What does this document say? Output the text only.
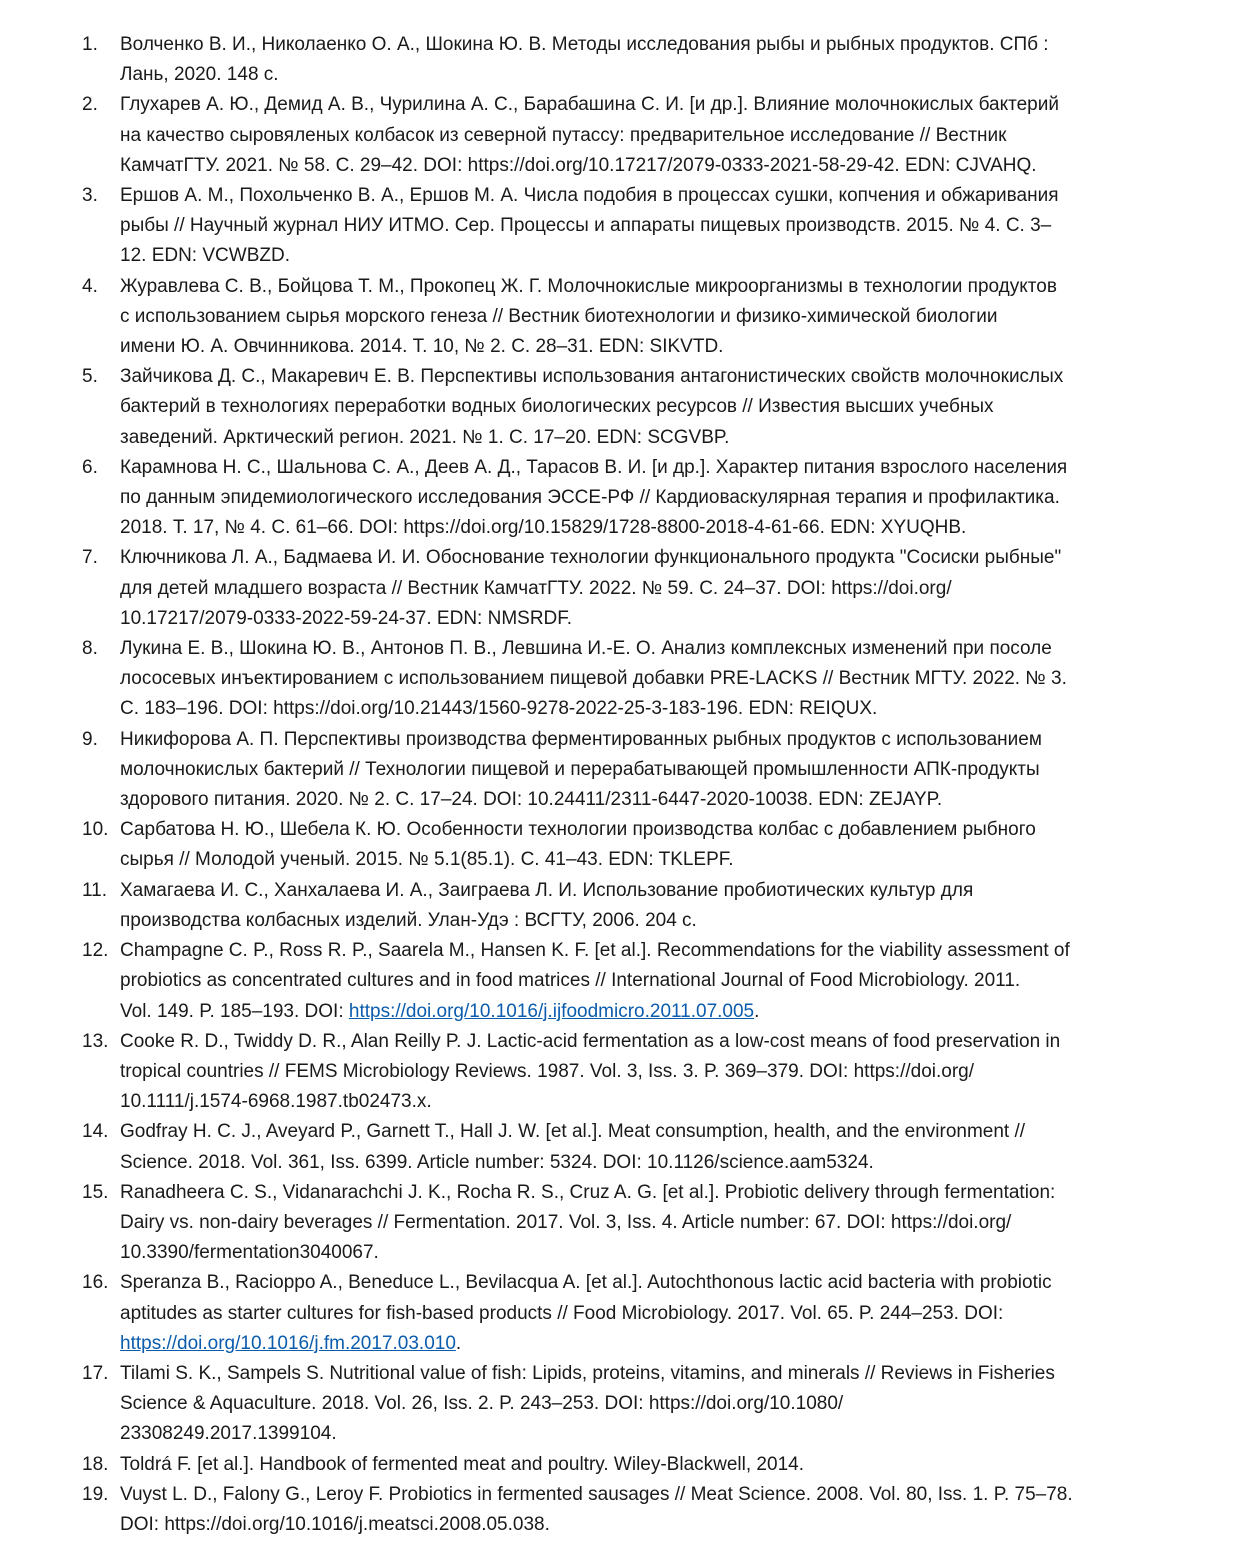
1.	Волченко В. И., Николаенко О. А., Шокина Ю. В. Методы исследования рыбы и рыбных продуктов. СПб :
Лань, 2020. 148 с.
2.	Глухарев А. Ю., Демид А. В., Чурилина А. С., Барабашина С. И. [и др.]. Влияние молочнокислых бактерий
на качество сыровяленых колбасок из северной путассу: предварительное исследование // Вестник
КамчатГТУ. 2021. № 58. С. 29–42. DOI: https://doi.org/10.17217/2079-0333-2021-58-29-42. EDN: CJVAHQ.
3.	Ершов А. М., Похольченко В. А., Ершов М. А. Числа подобия в процессах сушки, копчения и обжаривания
рыбы // Научный журнал НИУ ИТМО. Сер. Процессы и аппараты пищевых производств. 2015. № 4. С. 3–
12. EDN: VCWBZD.
4.	Журавлева С. В., Бойцова Т. М., Прокопец Ж. Г. Молочнокислые микроорганизмы в технологии продуктов
с использованием сырья морского генеза // Вестник биотехнологии и физико-химической биологии
имени Ю. А. Овчинникова. 2014. Т. 10, № 2. С. 28–31. EDN: SIKVTD.
5.	Зайчикова Д. С., Макаревич Е. В. Перспективы использования антагонистических свойств молочнокислых
бактерий в технологиях переработки водных биологических ресурсов // Известия высших учебных
заведений. Арктический регион. 2021. № 1. С. 17–20. EDN: SCGVBP.
6.	Карамнова Н. С., Шальнова С. А., Деев А. Д., Тарасов В. И. [и др.]. Характер питания взрослого населения
по данным эпидемиологического исследования ЭССЕ-РФ // Кардиоваскулярная терапия и профилактика.
2018. Т. 17, № 4. С. 61–66. DOI: https://doi.org/10.15829/1728-8800-2018-4-61-66. EDN: XYUQHB.
7.	Ключникова Л. А., Бадмаева И. И. Обоснование технологии функционального продукта "Сосиски рыбные"
для детей младшего возраста // Вестник КамчатГТУ. 2022. № 59. С. 24–37. DOI: https://doi.org/
10.17217/2079-0333-2022-59-24-37. EDN: NMSRDF.
8.	Лукина Е. В., Шокина Ю. В., Антонов П. В., Левшина И.-Е. О. Анализ комплексных изменений при посоле
лососевых инъектированием с использованием пищевой добавки PRE-LACKS // Вестник МГТУ. 2022. № 3.
С. 183–196. DOI: https://doi.org/10.21443/1560-9278-2022-25-3-183-196. EDN: REIQUX.
9.	Никифорова А. П. Перспективы производства ферментированных рыбных продуктов с использованием
молочнокислых бактерий // Технологии пищевой и перерабатывающей промышленности АПК-продукты
здорового питания. 2020. № 2. С. 17–24. DOI: 10.24411/2311-6447-2020-10038. EDN: ZEJAYP.
10. Сарбатова Н. Ю., Шебела К. Ю. Особенности технологии производства колбас с добавлением рыбного
сырья // Молодой ученый. 2015. № 5.1(85.1). С. 41–43. EDN: TKLEPF.
11. Хамагаева И. С., Ханхалаева И. А., Заиграева Л. И. Использование пробиотических культур для
производства колбасных изделий. Улан-Удэ : ВСГТУ, 2006. 204 с.
12. Champagne C. P., Ross R. P., Saarela M., Hansen K. F. [et al.]. Recommendations for the viability assessment of
probiotics as concentrated cultures and in food matrices // International Journal of Food Microbiology. 2011.
Vol. 149. P. 185–193. DOI: https://doi.org/10.1016/j.ijfoodmicro.2011.07.005.
13. Cooke R. D., Twiddy D. R., Alan Reilly P. J. Lactic-acid fermentation as a low-cost means of food preservation in
tropical countries // FEMS Microbiology Reviews. 1987. Vol. 3, Iss. 3. P. 369–379. DOI: https://doi.org/
10.1111/j.1574-6968.1987.tb02473.x.
14. Godfray H. C. J., Aveyard P., Garnett T., Hall J. W. [et al.]. Meat consumption, health, and the environment //
Science. 2018. Vol. 361, Iss. 6399. Article number: 5324. DOI: 10.1126/science.aam5324.
15. Ranadheera C. S., Vidanarachchi J. K., Rocha R. S., Cruz A. G. [et al.]. Probiotic delivery through fermentation:
Dairy vs. non-dairy beverages // Fermentation. 2017. Vol. 3, Iss. 4. Article number: 67. DOI: https://doi.org/
10.3390/fermentation3040067.
16. Speranza B., Racioppo A., Beneduce L., Bevilacqua A. [et al.]. Autochthonous lactic acid bacteria with probiotic
aptitudes as starter cultures for fish-based products // Food Microbiology. 2017. Vol. 65. P. 244–253. DOI:
https://doi.org/10.1016/j.fm.2017.03.010.
17. Tilami S. K., Sampels S. Nutritional value of fish: Lipids, proteins, vitamins, and minerals // Reviews in Fisheries
Science & Aquaculture. 2018. Vol. 26, Iss. 2. P. 243–253. DOI: https://doi.org/10.1080/
23308249.2017.1399104.
18. Toldrá F. [et al.]. Handbook of fermented meat and poultry. Wiley-Blackwell, 2014.
19. Vuyst L. D., Falony G., Leroy F. Probiotics in fermented sausages // Meat Science. 2008. Vol. 80, Iss. 1. P. 75–78.
DOI: https://doi.org/10.1016/j.meatsci.2008.05.038.
